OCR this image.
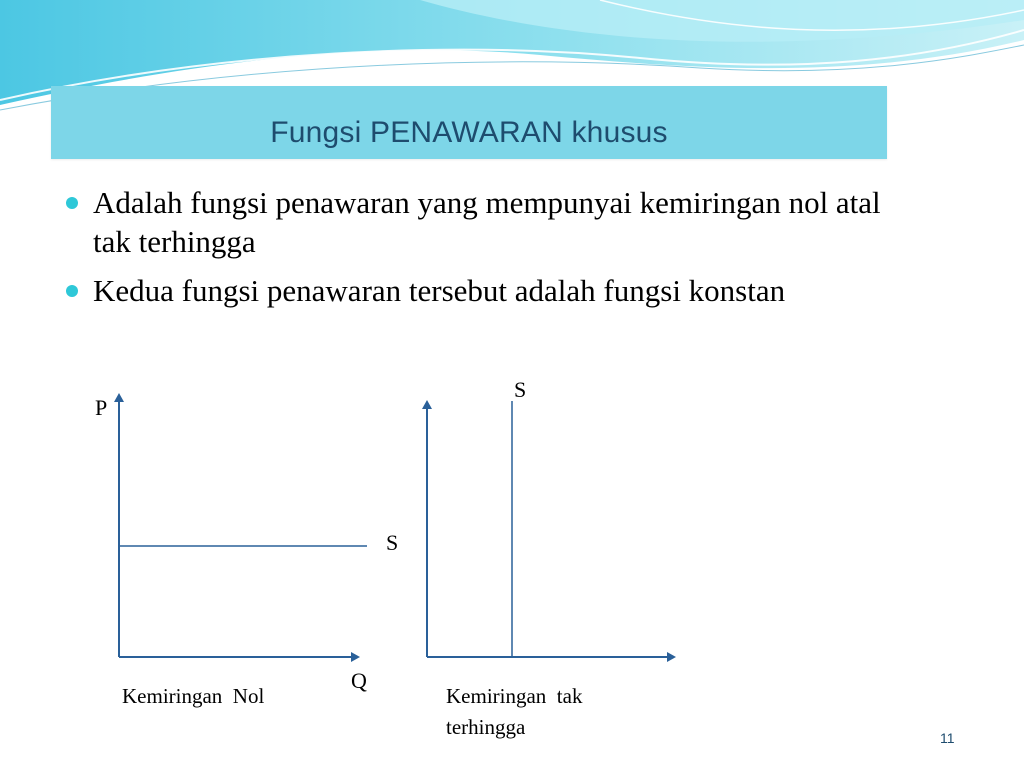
Fungsi PENAWARAN khusus
Adalah fungsi penawaran yang mempunyai kemiringan nol atal tak terhingga
Kedua fungsi penawaran tersebut adalah fungsi konstan
P
Q
S
Kemiringan  Nol
S
Kemiringan  tak
terhingga	11
